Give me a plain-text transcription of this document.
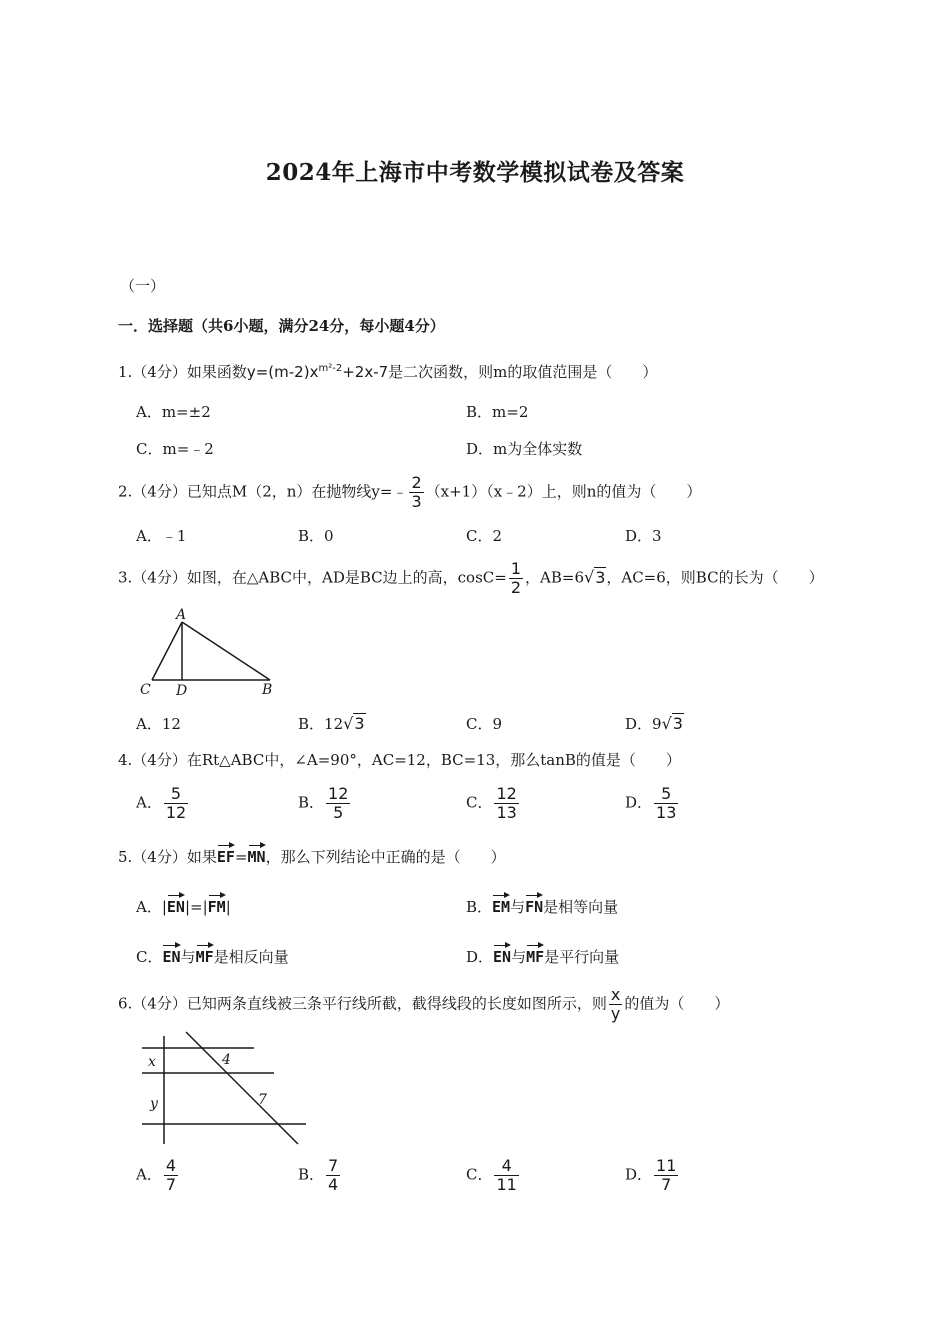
2024年上海市中考数学模拟试卷及答案
（一）
一．选择题（共6小题，满分24分，每小题4分）
1.（4分）如果函数$y=(m-2)x^{m^2-2}+2x-7$是二次函数，则m的取值范围是（　　）
A．m=±2	B．m=2
C．m=﹣2	D．m为全体实数
2.（4分）已知点M（2，n）在抛物线y=﹣ $\frac{2}{3}$ （x+1）（x﹣2）上，则n的值为（　　）
A．﹣1	B．0	C．2	D．3
3.（4分）如图，在△ABC中，AD是BC边上的高，$\cos C= \frac{1}{2}$ ，AB=6√3，AC=6，则BC的长为（　　）
A
C D	B
A．12	B．12√3	C．9	D．9√3
4.（4分）在Rt△ABC中，∠A=90°，AC=12，BC=13，那么tanB的值是（　　）
A． $\frac{5}{12}$	B． $\frac{12}{5}$	C． $\frac{12}{13}$	D． $\frac{5}{13}$
5.（4分）如果EF=MN，那么下列结论中正确的是（　　）
A．|EN|=|FM|	B．EM与FN是相等向量
C．EN与MF是相反向量	D．EN与MF是平行向量
6.（4分）已知两条直线被三条平行线所截，截得线段的长度如图所示，则 $\frac{x}{y}$ 的值为（　　）
x
y
4
7
A． $\frac{4}{7}$	B． $\frac{7}{4}$	C． $\frac{4}{11}$	D． $\frac{11}{7}$
